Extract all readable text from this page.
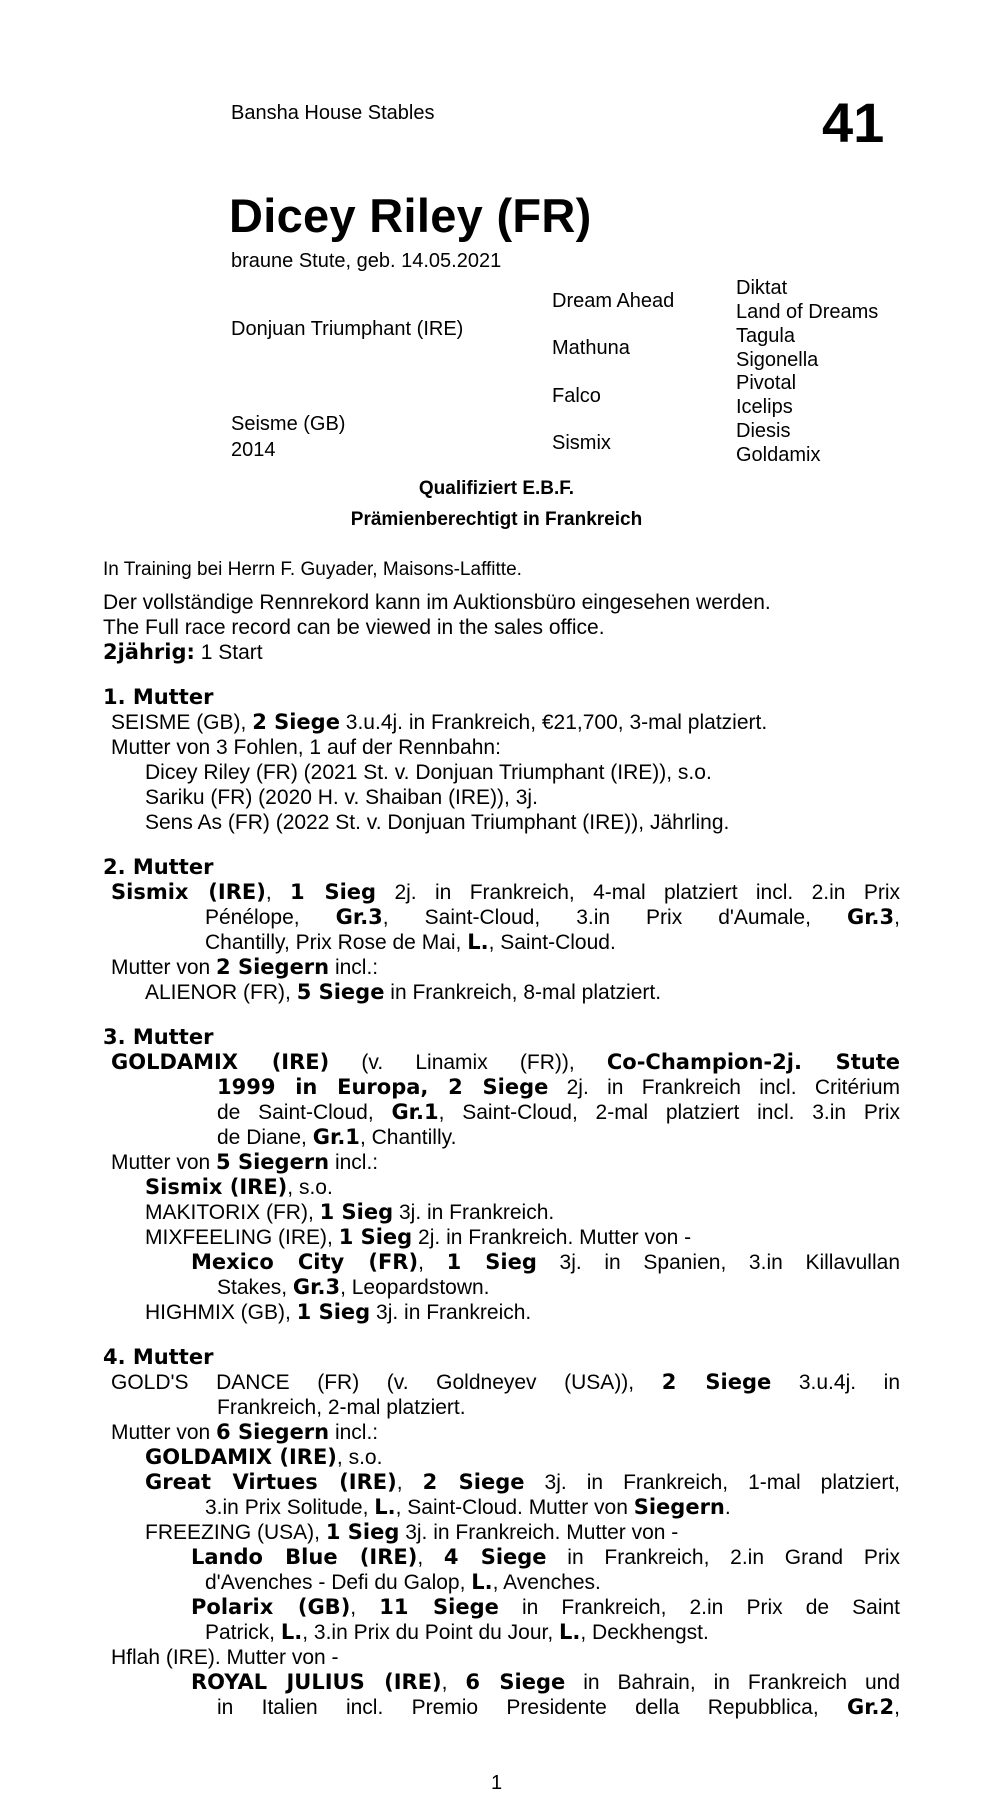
Bansha House Stables	41
Dicey Riley (FR)
braune Stute, geb. 14.05.2021
Donjuan Triumphant (IRE)
Seisme (GB)
2014
Dream Ahead
Mathuna
Falco
Sismix
Diktat
Land of Dreams
Tagula
Sigonella
Pivotal
Icelips
Diesis
Goldamix
Qualifiziert E.B.F.
Prämienberechtigt in Frankreich
In Training bei Herrn F. Guyader, Maisons-Laffitte.
Der vollständige Rennrekord kann im Auktionsbüro eingesehen werden.
The Full race record can be viewed in the sales office.
2jährig: 1 Start
1. Mutter
SEISME (GB), 2 Siege 3.u.4j. in Frankreich, €21,700, 3-mal platziert.
Mutter von 3 Fohlen, 1 auf der Rennbahn:
Dicey Riley (FR) (2021 St. v. Donjuan Triumphant (IRE)), s.o.
Sariku (FR) (2020 H. v. Shaiban (IRE)), 3j.
Sens As (FR) (2022 St. v. Donjuan Triumphant (IRE)), Jährling.
2. Mutter
Sismix (IRE), 1 Sieg 2j. in Frankreich, 4-mal platziert incl. 2.in Prix
Pénélope, Gr.3, Saint-Cloud, 3.in Prix d'Aumale, Gr.3,
Chantilly, Prix Rose de Mai, L., Saint-Cloud.
Mutter von 2 Siegern incl.:
ALIENOR (FR), 5 Siege in Frankreich, 8-mal platziert.
3. Mutter
GOLDAMIX (IRE) (v. Linamix (FR)), Co-Champion-2j. Stute
1999 in Europa, 2 Siege 2j. in Frankreich incl. Critérium
de Saint-Cloud, Gr.1, Saint-Cloud, 2-mal platziert incl. 3.in Prix
de Diane, Gr.1, Chantilly.
Mutter von 5 Siegern incl.:
Sismix (IRE), s.o.
MAKITORIX (FR), 1 Sieg 3j. in Frankreich.
MIXFEELING (IRE), 1 Sieg 2j. in Frankreich. Mutter von -
Mexico City (FR), 1 Sieg 3j. in Spanien, 3.in Killavullan
Stakes, Gr.3, Leopardstown.
HIGHMIX (GB), 1 Sieg 3j. in Frankreich.
4. Mutter
GOLD'S DANCE (FR) (v. Goldneyev (USA)), 2 Siege 3.u.4j. in
Frankreich, 2-mal platziert.
Mutter von 6 Siegern incl.:
GOLDAMIX (IRE), s.o.
Great Virtues (IRE), 2 Siege 3j. in Frankreich, 1-mal platziert,
3.in Prix Solitude, L., Saint-Cloud. Mutter von Siegern.
FREEZING (USA), 1 Sieg 3j. in Frankreich. Mutter von -
Lando Blue (IRE), 4 Siege in Frankreich, 2.in Grand Prix
d'Avenches - Defi du Galop, L., Avenches.
Polarix (GB), 11 Siege in Frankreich, 2.in Prix de Saint
Patrick, L., 3.in Prix du Point du Jour, L., Deckhengst.
Hflah (IRE). Mutter von -
ROYAL JULIUS (IRE), 6 Siege in Bahrain, in Frankreich und
in Italien incl. Premio Presidente della Repubblica, Gr.2,
1
